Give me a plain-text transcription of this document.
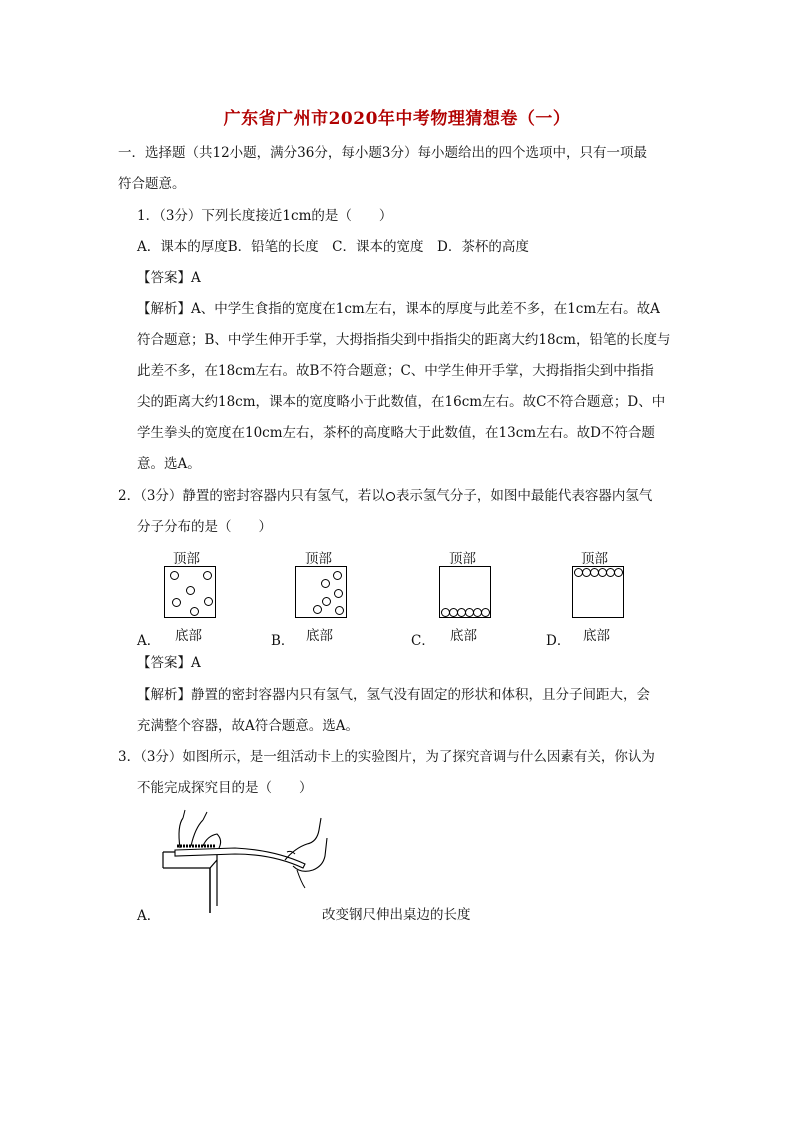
广东省广州市2020年中考物理猜想卷（一）
一．选择题（共12小题，满分36分，每小题3分）每小题给出的四个选项中，只有一项最
符合题意。
1．（3分）下列长度接近1cm的是（　　）
A．课本的厚度B．铅笔的长度　C．课本的宽度　D．茶杯的高度
【答案】A
【解析】A、中学生食指的宽度在1cm左右，课本的厚度与此差不多，在1cm左右。故A
符合题意；B、中学生伸开手掌，大拇指指尖到中指指尖的距离大约18cm，铅笔的长度与
此差不多，在18cm左右。故B不符合题意；C、中学生伸开手掌，大拇指指尖到中指指
尖的距离大约18cm，课本的宽度略小于此数值，在16cm左右。故C不符合题意；D、中
学生拳头的宽度在10cm左右，茶杯的高度略大于此数值，在13cm左右。故D不符合题
意。选A。
2．（3分）静置的密封容器内只有氢气，若以 表示氢气分子，如图中最能代表容器内氢气
分子分布的是（　　）
顶部
底部
A．
顶部
底部
B．
顶部
底部
C．
顶部
底部
D．
【答案】A
【解析】静置的密封容器内只有氢气，氢气没有固定的形状和体积，且分子间距大，会
充满整个容器，故A符合题意。选A。
3．（3分）如图所示，是一组活动卡上的实验图片，为了探究音调与什么因素有关，你认为
不能完成探究目的是（　　）
A．	改变钢尺伸出桌边的长度
